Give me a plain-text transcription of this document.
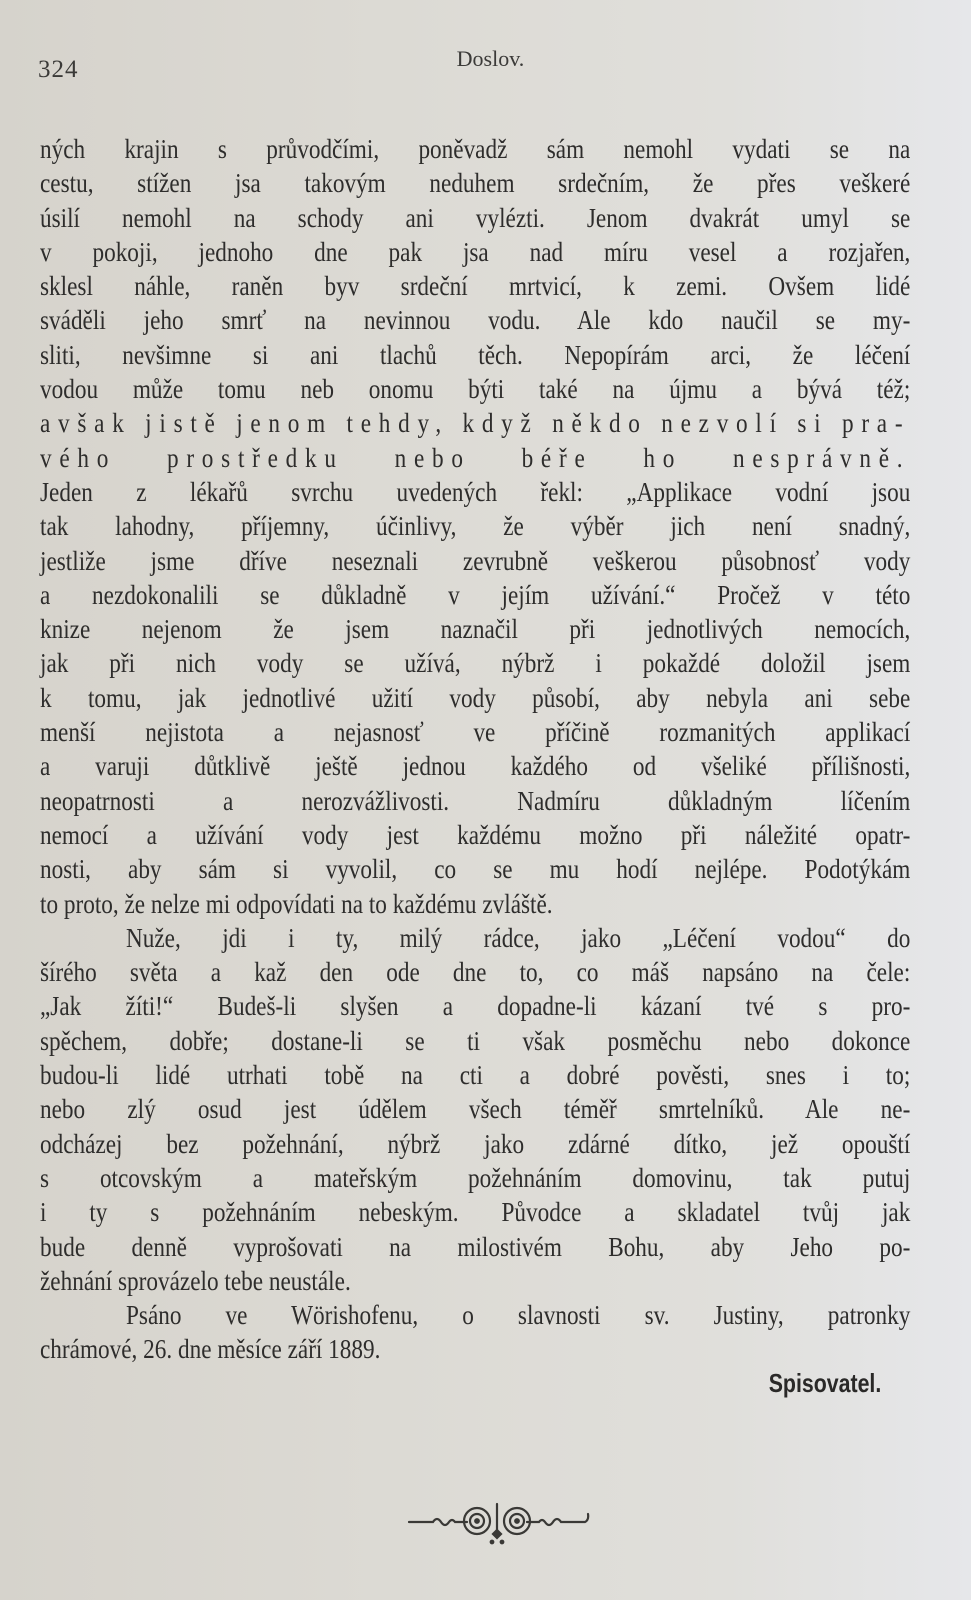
324	Doslov.
ných krajin s průvodčími, poněvadž sám nemohl vydati se na
cestu, stížen jsa takovým neduhem srdečním, že přes veškeré
úsilí nemohl na schody ani vylézti. Jenom dvakrát umyl se
v pokoji, jednoho dne pak jsa nad míru vesel a rozjařen,
sklesl náhle, raněn byv srdeční mrtvicí, k zemi. Ovšem lidé
sváděli jeho smrť na nevinnou vodu. Ale kdo naučil se my-
sliti, nevšimne si ani tlachů těch. Nepopírám arci, že léčení
vodou může tomu neb onomu býti také na újmu a bývá též;
avšak jistě jenom tehdy, když někdo nezvolí si pra-
vého prostředku nebo béře ho nesprávně.
Jeden z lékařů svrchu uvedených řekl: „Applikace vodní jsou
tak lahodny, příjemny, účinlivy, že výběr jich není snadný,
jestliže jsme dříve neseznali zevrubně veškerou působnosť vody
a nezdokonalili se důkladně v jejím užívání.“ Pročež v této
knize nejenom že jsem naznačil při jednotlivých nemocích,
jak při nich vody se užívá, nýbrž i pokaždé doložil jsem
k tomu, jak jednotlivé užití vody působí, aby nebyla ani sebe
menší nejistota a nejasnosť ve příčině rozmanitých applikací
a varuji důtklivě ještě jednou každého od všeliké přílišnosti,
neopatrnosti a nerozvážlivosti. Nadmíru důkladným líčením
nemocí a užívání vody jest každému možno při náležité opatr-
nosti, aby sám si vyvolil, co se mu hodí nejlépe. Podotýkám
to proto, že nelze mi odpovídati na to každému zvláště.
Nuže, jdi i ty, milý rádce, jako „Léčení vodou“ do
šírého světa a kaž den ode dne to, co máš napsáno na čele:
„Jak žíti!“ Budeš-li slyšen a dopadne-li kázaní tvé s pro-
spěchem, dobře; dostane-li se ti však posměchu nebo dokonce
budou-li lidé utrhati tobě na cti a dobré pověsti, snes i to;
nebo zlý osud jest údělem všech téměř smrtelníků. Ale ne-
odcházej bez požehnání, nýbrž jako zdárné dítko, jež opouští
s otcovským a mateřským požehnáním domovinu, tak putuj
i ty s požehnáním nebeským. Původce a skladatel tvůj jak
bude denně vyprošovati na milostivém Bohu, aby Jeho po-
žehnání sprovázelo tebe neustále.
Psáno ve Wörishofenu, o slavnosti sv. Justiny, patronky
chrámové, 26. dne měsíce září 1889.
Spisovatel.
